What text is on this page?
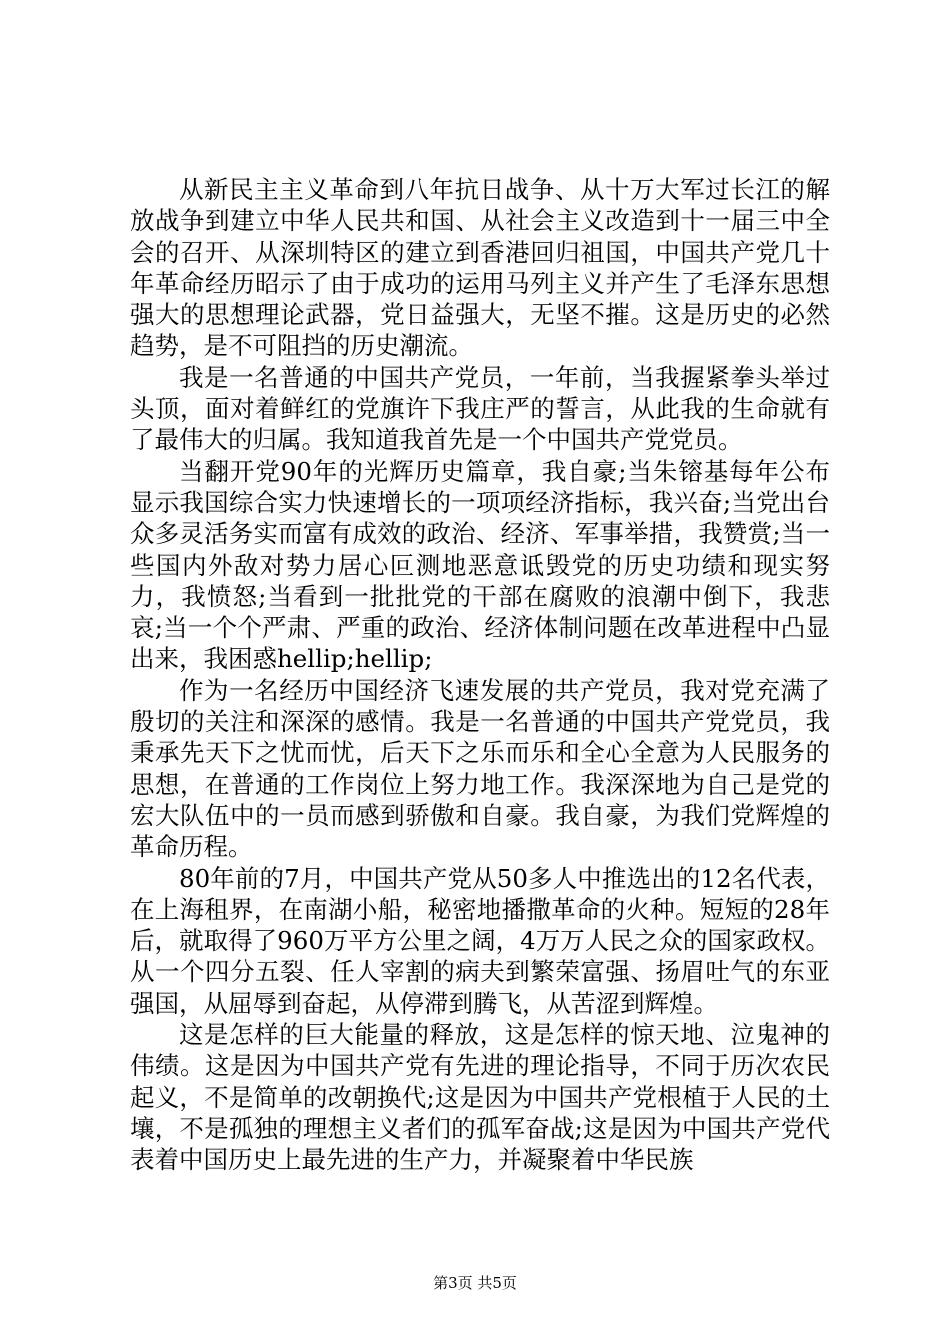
从新民主主义革命到八年抗日战争、从十万大军过长江的解放战争到建立中华人民共和国、从社会主义改造到十一届三中全会的召开、从深圳特区的建立到香港回归祖国，中国共产党几十年革命经历昭示了由于成功的运用马列主义并产生了毛泽东思想强大的思想理论武器，党日益强大，无坚不摧。这是历史的必然趋势，是不可阻挡的历史潮流。

我是一名普通的中国共产党员，一年前，当我握紧拳头举过头顶，面对着鲜红的党旗许下我庄严的誓言，从此我的生命就有了最伟大的归属。我知道我首先是一个中国共产党党员。

当翻开党90年的光辉历史篇章，我自豪;当朱镕基每年公布显示我国综合实力快速增长的一项项经济指标，我兴奋;当党出台众多灵活务实而富有成效的政治、经济、军事举措，我赞赏;当一些国内外敌对势力居心叵测地恶意诋毁党的历史功绩和现实努力，我愤怒;当看到一批批党的干部在腐败的浪潮中倒下，我悲哀;当一个个严肃、严重的政治、经济体制问题在改革进程中凸显出来，我困惑hellip;hellip;

作为一名经历中国经济飞速发展的共产党员，我对党充满了殷切的关注和深深的感情。我是一名普通的中国共产党党员，我秉承先天下之忧而忧，后天下之乐而乐和全心全意为人民服务的思想，在普通的工作岗位上努力地工作。我深深地为自己是党的宏大队伍中的一员而感到骄傲和自豪。我自豪，为我们党辉煌的革命历程。

80年前的7月，中国共产党从50多人中推选出的12名代表，在上海租界，在南湖小船，秘密地播撒革命的火种。短短的28年后，就取得了960万平方公里之阔，4万万人民之众的国家政权。从一个四分五裂、任人宰割的病夫到繁荣富强、扬眉吐气的东亚强国，从屈辱到奋起，从停滞到腾飞，从苦涩到辉煌。

这是怎样的巨大能量的释放，这是怎样的惊天地、泣鬼神的伟绩。这是因为中国共产党有先进的理论指导，不同于历次农民起义，不是简单的改朝换代;这是因为中国共产党根植于人民的土壤，不是孤独的理想主义者们的孤军奋战;这是因为中国共产党代表着中国历史上最先进的生产力，并凝聚着中华民族

第3页 共5页
